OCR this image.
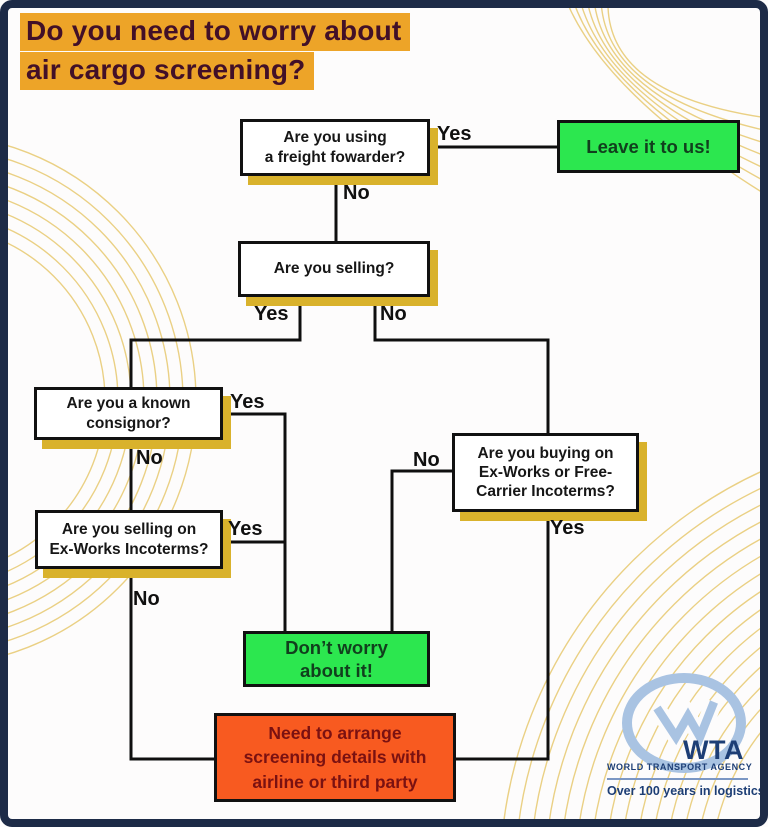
Do you need to worry about
air cargo screening?
Are you using
a freight fowarder?
Leave it to us!
Are you selling?
Are you a known
consignor?
Are you buying on
Ex-Works or Free-
Carrier Incoterms?
Are you selling on
Ex-Works Incoterms?
Don’t worry
about it!
Need to arrange
screening details with
airline or third party
Yes
No
Yes	No
Yes
No
Yes
No
No
Yes
WTA
WORLD TRANSPORT AGENCY
Over 100 years in logistics
